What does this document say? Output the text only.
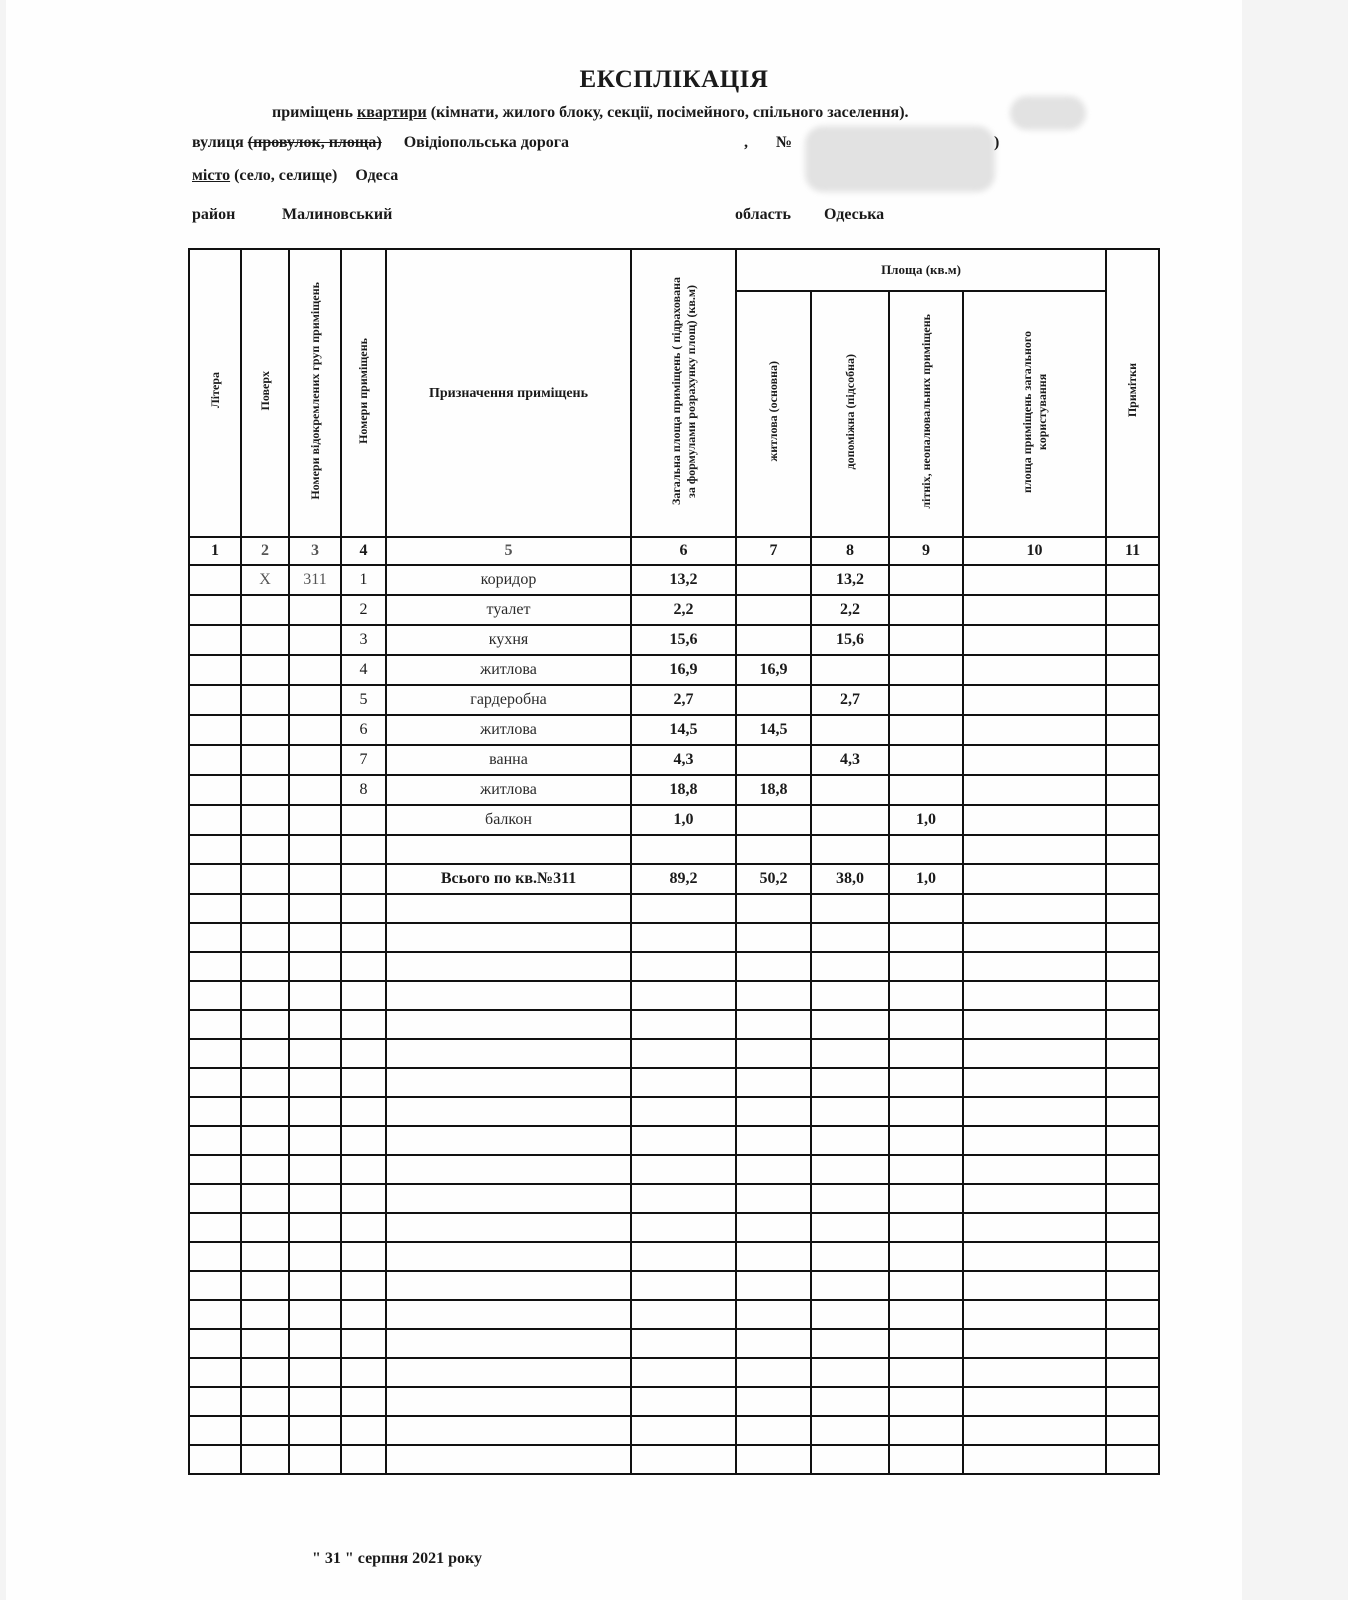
ЕКСПЛІКАЦІЯ
приміщень квартири (кімнати, жилого блоку, секції, посімейного, спільного заселення).
вулиця (провулок, площа) Овідіопольська дорога	, №	)
місто (село, селище) Одеса
район	Малиновський	область Одеська
Літера	Поверх	Номери відокремлених груп приміщень	Номери приміщень	Призначення приміщень	Загальна площа приміщень ( підрахована за формулами розрахунку площ) (кв.м)	Площа (кв.м)				Примітки
						житлова (основна)	допоміжна (підсобна)	літніх, неопалювальних приміщень	площа приміщень загального користування	
1	2	3	4	5	6	7	8	9	10	11
	X	311	1	коридор	13,2		13,2			
			2	туалет	2,2		2,2			
			3	кухня	15,6		15,6			
			4	житлова	16,9	16,9				
			5	гардеробна	2,7		2,7			
			6	житлова	14,5	14,5				
			7	ванна	4,3		4,3			
			8	житлова	18,8	18,8				
				балкон	1,0			1,0		

				Всього по кв.№311	89,2	50,2	38,0	1,0		

" 31 " серпня 2021 року
